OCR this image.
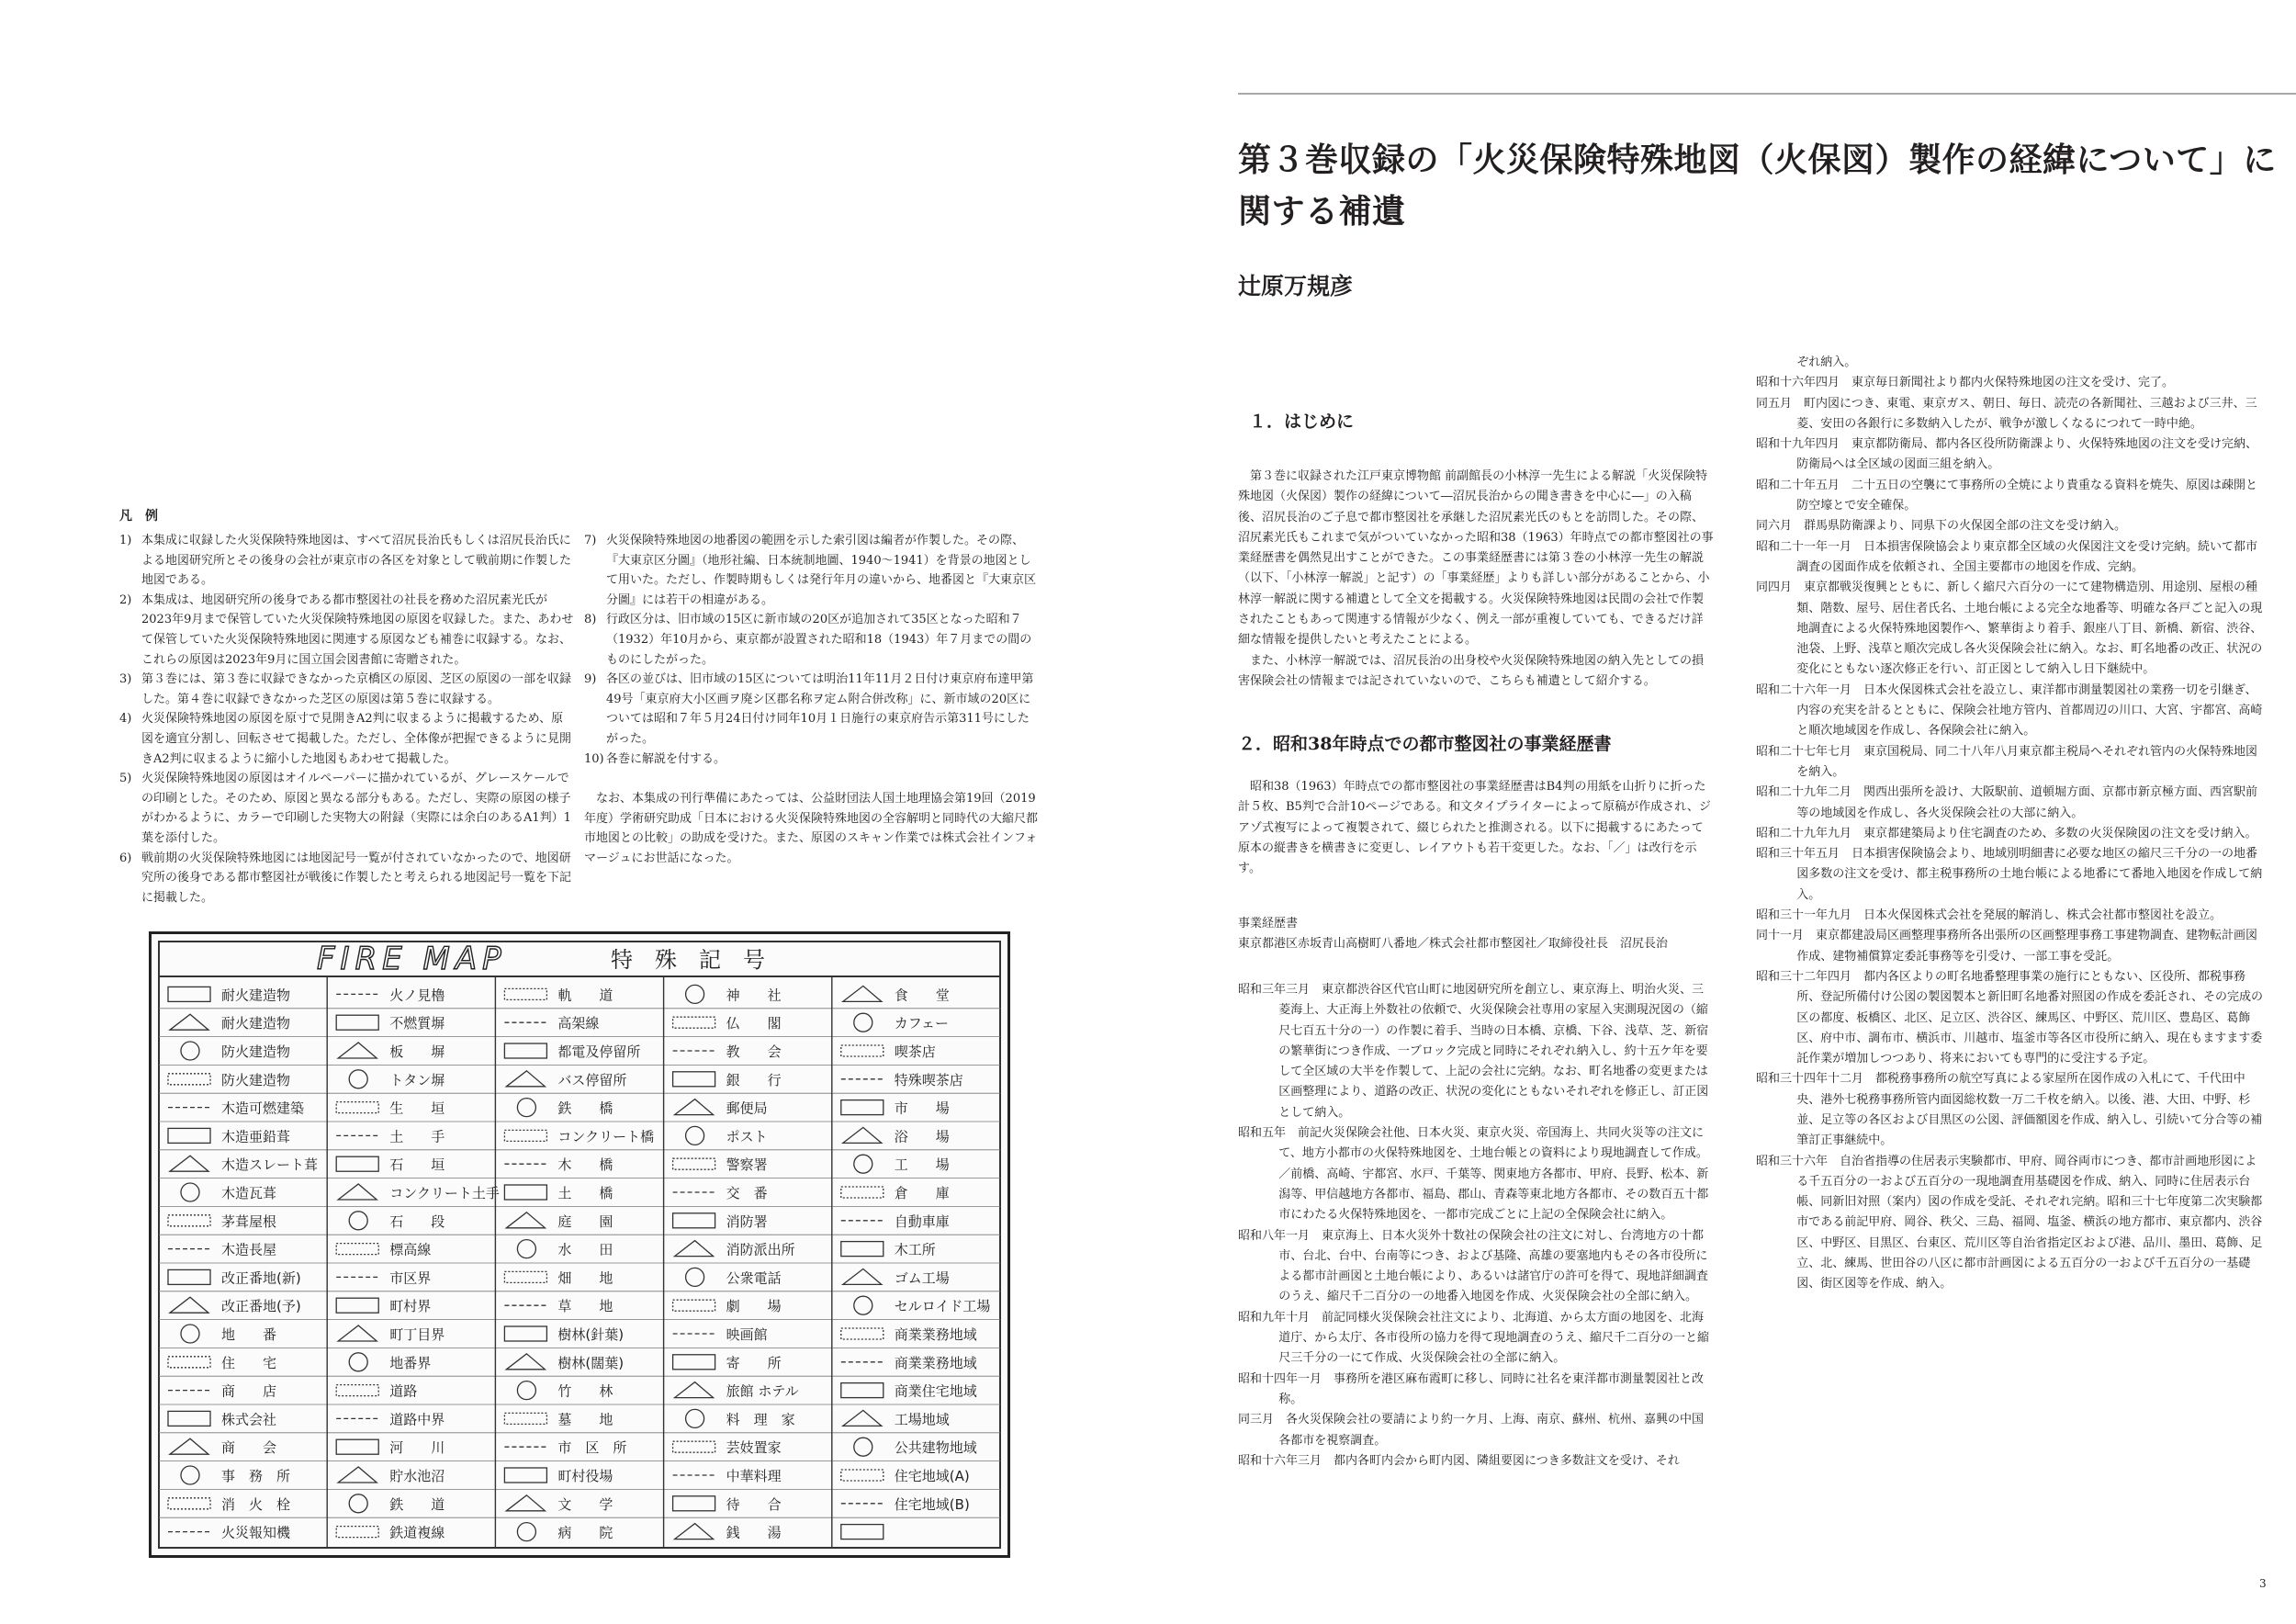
第３巻収録の「火災保険特殊地図（火保図）製作の経緯について」に関する補遺
辻原万規彦
凡　例
1) 本集成に収録した火災保険特殊地図は、すべて沼尻長治氏もしくは沼尻長治氏による地図研究所とその後身の会社が東京市の各区を対象として戦前期に作製した地図である。
2) 本集成は、地図研究所の後身である都市整図社の社長を務めた沼尻素光氏が2023年9月まで保管していた火災保険特殊地図の原図を収録した。また、あわせて保管していた火災保険特殊地図に関連する原図なども補巻に収録する。なお、これらの原図は2023年9月に国立国会図書館に寄贈された。
3) 第３巻には、第３巻に収録できなかった京橋区の原図、芝区の原図の一部を収録した。第４巻に収録できなかった芝区の原図は第５巻に収録する。
4) 火災保険特殊地図の原図を原寸で見開きA2判に収まるように掲載するため、原図を適宜分割し、回転させて掲載した。ただし、全体像が把握できるように見開きA2判に収まるように縮小した地図もあわせて掲載した。
5) 火災保険特殊地図の原図はオイルペーパーに描かれているが、グレースケールでの印刷とした。そのため、原図と異なる部分もある。ただし、実際の原図の様子がわかるように、カラーで印刷した実物大の附録（実際には余白のあるA1判）1葉を添付した。
6) 戦前期の火災保険特殊地図には地図記号一覧が付されていなかったので、地図研究所の後身である都市整図社が戦後に作製したと考えられる地図記号一覧を下記に掲載した。
7) 火災保険特殊地図の地番図の範囲を示した索引図は編者が作製した。その際、『大東京区分圖』（地形社編、日本統制地圖、1940～1941）を背景の地図として用いた。ただし、作製時期もしくは発行年月の違いから、地番図と『大東京区分圖』には若干の相違がある。
8) 行政区分は、旧市域の15区に新市域の20区が追加されて35区となった昭和７（1932）年10月から、東京都が設置された昭和18（1943）年７月までの間のものにしたがった。
9) 各区の並びは、旧市域の15区については明治11年11月２日付け東京府布達甲第49号「東京府大小区画ヲ廃シ区郡名称ヲ定ム附合併改称」に、新市域の20区については昭和７年５月24日付け同年10月１日施行の東京府告示第311号にしたがった。
10) 各巻に解説を付する。

なお、本集成の刊行準備にあたっては、公益財団法人国土地理協会第19回（2019年度）学術研究助成「日本における火災保険特殊地図の全容解明と同時代の大縮尺都市地図との比較」の助成を受けた。また、原図のスキャン作業では株式会社インフォマージュにお世話になった。

FIRE MAP	特殊記号
耐火建造物
耐火建造物
防火建造物
防火建造物
木造可燃建築
木造亜鉛葺
木造スレート葺
木造瓦葺
茅葺屋根
木造長屋
改正番地(新)
改正番地(予)
地　　番
住　　宅
商　　店
株式会社
商　　会
事　務　所
消　火　栓
火災報知機
火ノ見櫓
不燃質塀
板　　塀
トタン塀
生　　垣
土　　手
石　　垣
コンクリート土手
石　　段
標高線
市区界
町村界
町丁目界
地番界
道路
道路中界
河　　川
貯水池沼
鉄　　道
鉄道複線
軌　　道
高架線
都電及停留所
バス停留所
鉄　　橋
コンクリート橋
木　　橋
土　　橋
庭　　園
水　　田
畑　　地
草　　地
樹林(針葉)
樹林(闊葉)
竹　　林
墓　　地
市　区　所
町村役場
文　　学
病　　院
神　　社
仏　　閣
教　　会
銀　　行
郵便局
ポスト
警察署
交　番
消防署
消防派出所
公衆電話
劇　　場
映画館
寄　　所
旅館 ホテル
料　理　家
芸妓置家
中華料理
待　　合
銭　　湯
食　　堂
カフェー
喫茶店
特殊喫茶店
市　　場
浴　　場
工　　場
倉　　庫
自動車庫
木工所
ゴム工場
セルロイド工場
商業業務地域
商業業務地域
商業住宅地域
工場地域
公共建物地域
住宅地域(A)
住宅地域(B)
１．はじめに

第３巻に収録された江戸東京博物館 前副館長の小林淳一先生による解説「火災保険特殊地図（火保図）製作の経緯について―沼尻長治からの聞き書きを中心に―」の入稿後、沼尻長治のご子息で都市整図社を承継した沼尻素光氏のもとを訪問した。その際、沼尻素光氏もこれまで気がついていなかった昭和38（1963）年時点での都市整図社の事業経歴書を偶然見出すことができた。この事業経歴書には第３巻の小林淳一先生の解説（以下、「小林淳一解説」と記す）の「事業経歴」よりも詳しい部分があることから、小林淳一解説に関する補遺として全文を掲載する。火災保険特殊地図は民間の会社で作製されたこともあって関連する情報が少なく、例え一部が重複していても、できるだけ詳細な情報を提供したいと考えたことによる。

また、小林淳一解説では、沼尻長治の出身校や火災保険特殊地図の納入先としての損害保険会社の情報までは記されていないので、こちらも補遺として紹介する。

２．昭和38年時点での都市整図社の事業経歴書

昭和38（1963）年時点での都市整図社の事業経歴書はB4判の用紙を山折りに折った計５枚、B5判で合計10ページである。和文タイプライターによって原稿が作成され、ジアゾ式複写によって複製されて、綴じられたと推測される。以下に掲載するにあたって原本の縦書きを横書きに変更し、レイアウトも若干変更した。なお、「／」は改行を示す。

事業経歴書
東京都港区赤坂青山高樹町八番地／株式会社都市整図社／取締役社長　沼尻長治
昭和三年三月　 東京都渋谷区代官山町に地図研究所を創立し、東京海上、明治火災、三菱海上、大正海上外数社の依頼で、火災保険会社専用の家屋入実測現況図の（縮尺七百五十分の一）の作製に着手、当時の日本橋、京橋、下谷、浅草、芝、新宿の繁華街につき作成、一ブロック完成と同時にそれぞれ納入し、約十五ケ年を要して全区域の大半を作製して、上記の会社に完納。なお、町名地番の変更または区画整理により、道路の改正、状況の変化にともないそれぞれを修正し、訂正図として納入。
昭和五年　 前記火災保険会社他、日本火災、東京火災、帝国海上、共同火災等の注文にて、地方小都市の火保特殊地図を、土地台帳との資料により現地調査して作成。／前橋、高崎、宇都宮、水戸、千葉等、関東地方各都市、甲府、長野、松本、新潟等、甲信越地方各都市、福島、郡山、青森等東北地方各都市、その数百五十都市にわたる火保特殊地図を、一都市完成ごとに上記の全保険会社に納入。
昭和八年一月　 東京海上、日本火災外十数社の保険会社の注文に対し、台湾地方の十都市、台北、台中、台南等につき、および基隆、高雄の要塞地内もその各市役所による都市計画図と土地台帳により、あるいは諸官庁の許可を得て、現地詳細調査のうえ、縮尺千二百分の一の地番入地図を作成、火災保険会社の全部に納入。
昭和九年十月　 前記同様火災保険会社注文により、北海道、から太方面の地図を、北海道庁、から太庁、各市役所の協力を得て現地調査のうえ、縮尺千二百分の一と縮尺三千分の一にて作成、火災保険会社の全部に納入。
昭和十四年一月　 事務所を港区麻布霞町に移し、同時に社名を東洋都市測量製図社と改称。
同三月　 各火災保険会社の要請により約一ケ月、上海、南京、蘇州、杭州、嘉興の中国各都市を視察調査。
昭和十六年三月　 都内各町内会から町内図、隣組要図につき多数註文を受け、それ
ぞれ納入。
昭和十六年四月　 東京毎日新聞社より都内火保特殊地図の注文を受け、完了。
同五月　 町内図につき、東電、東京ガス、朝日、毎日、読売の各新聞社、三越および三井、三菱、安田の各銀行に多数納入したが、戦争が激しくなるにつれて一時中絶。
昭和十九年四月　 東京都防衛局、都内各区役所防衛課より、火保特殊地図の注文を受け完納、防衛局へは全区域の図面三組を納入。
昭和二十年五月　 二十五日の空襲にて事務所の全焼により貴重なる資料を焼失、原図は疎開と防空壕とで安全確保。
同六月　 群馬県防衛課より、同県下の火保図全部の注文を受け納入。
昭和二十一年一月　 日本損害保険協会より東京都全区域の火保図注文を受け完納。続いて都市調査の図面作成を依頼され、全国主要都市の地図を作成、完納。
同四月　 東京都戦災復興とともに、新しく縮尺六百分の一にて建物構造別、用途別、屋根の種類、階数、屋号、居住者氏名、土地台帳による完全な地番等、明確な各戸ごと記入の現地調査による火保特殊地図製作へ、繁華街より着手、銀座八丁目、新橋、新宿、渋谷、池袋、上野、浅草と順次完成し各火災保険会社に納入。なお、町名地番の改正、状況の変化にともない逐次修正を行い、訂正図として納入し日下継続中。
昭和二十六年一月　 日本火保図株式会社を設立し、東洋都市測量製図社の業務一切を引継ぎ、内容の充実を計るとともに、保険会社地方管内、首都周辺の川口、大宮、宇都宮、高崎と順次地域図を作成し、各保険会社に納入。
昭和二十七年七月　 東京国税局、同二十八年八月東京都主税局へそれぞれ管内の火保特殊地図を納入。
昭和二十九年二月　 関西出張所を設け、大阪駅前、道頓堀方面、京都市新京極方面、西宮駅前等の地域図を作成し、各火災保険会社の大部に納入。
昭和二十九年九月　 東京都建築局より住宅調査のため、多数の火災保険図の注文を受け納入。
昭和三十年五月　 日本損害保険協会より、地域別明細書に必要な地区の縮尺三千分の一の地番図多数の注文を受け、都主税事務所の土地台帳による地番にて番地入地図を作成して納入。
昭和三十一年九月　 日本火保図株式会社を発展的解消し、株式会社都市整図社を設立。
同十一月　 東京都建設局区画整理事務所各出張所の区画整理事務工事建物調査、建物転計画図作成、建物補償算定委託事務等を引受け、一部工事を受託。
昭和三十二年四月　 都内各区よりの町名地番整理事業の施行にともない、区役所、都税事務所、登記所備付け公図の製図製本と新旧町名地番対照図の作成を委託され、その完成の区の都度、板橋区、北区、足立区、渋谷区、練馬区、中野区、荒川区、豊島区、葛飾区、府中市、調布市、横浜市、川越市、塩釜市等各区市役所に納入、現在もますます委託作業が増加しつつあり、将来においても専門的に受注する予定。
昭和三十四年十二月　 都税務事務所の航空写真による家屋所在図作成の入札にて、千代田中央、港外七税務事務所管内面図総枚数一万二千枚を納入。以後、港、大田、中野、杉並、足立等の各区および目黒区の公図、評価額図を作成、納入し、引続いて分合等の補筆訂正事継続中。
昭和三十六年　 自治省指導の住居表示実験都市、甲府、岡谷両市につき、都市計画地形図による千五百分の一および五百分の一現地調査用基礎図を作成、納入、同時に住居表示台帳、同新旧対照（案内）図の作成を受託、それぞれ完納。昭和三十七年度第二次実験都市である前記甲府、岡谷、秩父、三島、福岡、塩釜、横浜の地方都市、東京都内、渋谷区、中野区、目黒区、台東区、荒川区等自治省指定区および港、品川、墨田、葛飾、足立、北、練馬、世田谷の八区に都市計画図による五百分の一および千五百分の一基礎図、街区図等を作成、納入。
3
